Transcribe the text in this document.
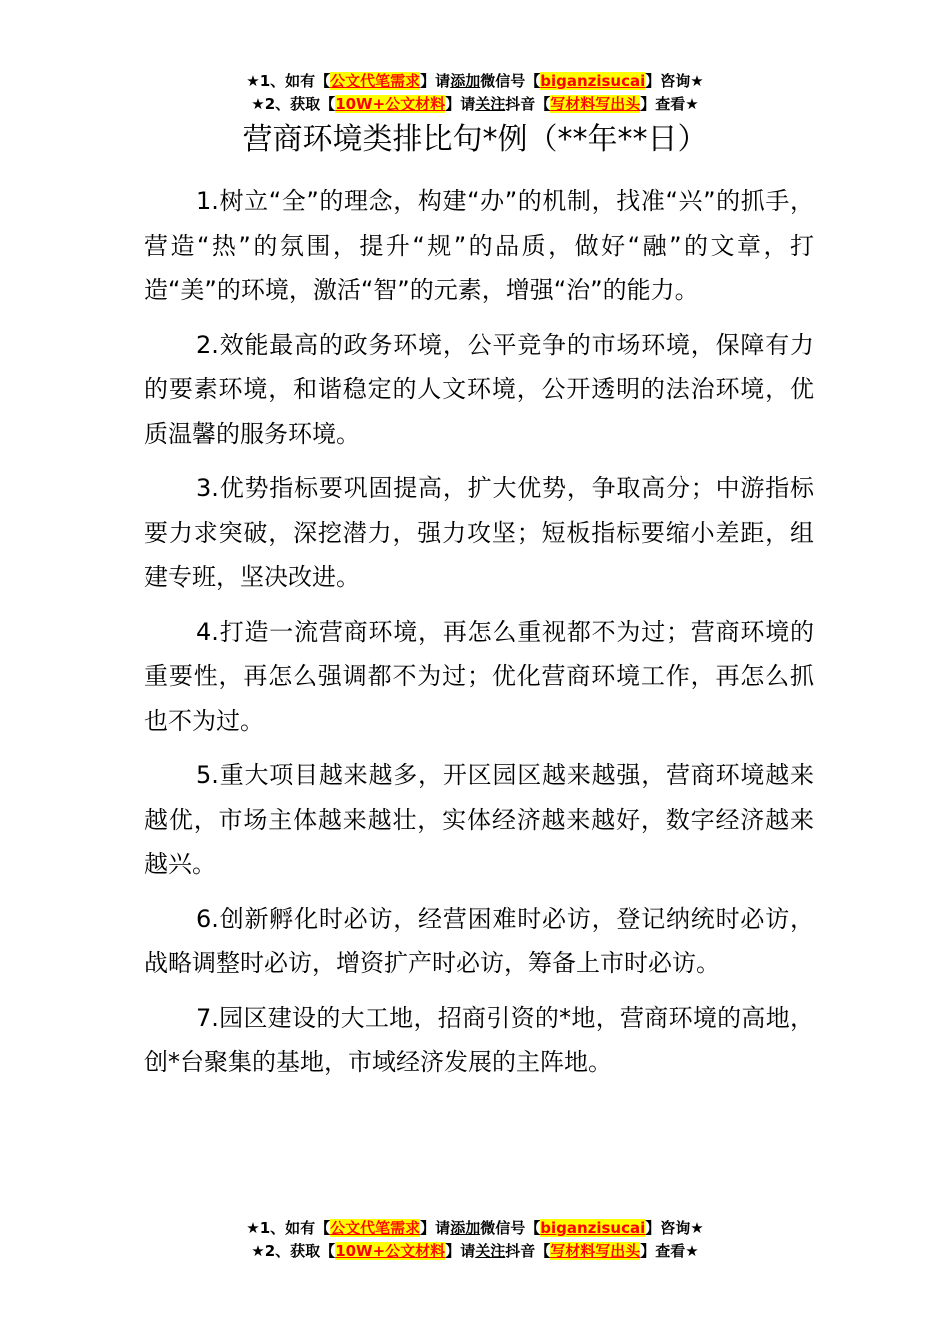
★1、如有【公文代笔需求】请添加微信号【biganzisucai】咨询★
★2、获取【10W+公文材料】请关注抖音【写材料写出头】查看★
营商环境类排比句*例（**年**日）

1.树立“全”的理念，构建“办”的机制，找准“兴”的抓手，营造“热”的氛围，提升“规”的品质，做好“融”的文章，打造“美”的环境，激活“智”的元素，增强“治”的能力。

2.效能最高的政务环境，公平竞争的市场环境，保障有力的要素环境，和谐稳定的人文环境，公开透明的法治环境，优质温馨的服务环境。

3.优势指标要巩固提高，扩大优势，争取高分；中游指标要力求突破，深挖潜力，强力攻坚；短板指标要缩小差距，组建专班，坚决改进。

4.打造一流营商环境，再怎么重视都不为过；营商环境的重要性，再怎么强调都不为过；优化营商环境工作，再怎么抓也不为过。

5.重大项目越来越多，开区园区越来越强，营商环境越来越优，市场主体越来越壮，实体经济越来越好，数字经济越来越兴。

6.创新孵化时必访，经营困难时必访，登记纳统时必访，战略调整时必访，增资扩产时必访，筹备上市时必访。

7.园区建设的大工地，招商引资的*地，营商环境的高地，创*台聚集的基地，市域经济发展的主阵地。

★1、如有【公文代笔需求】请添加微信号【biganzisucai】咨询★
★2、获取【10W+公文材料】请关注抖音【写材料写出头】查看★
